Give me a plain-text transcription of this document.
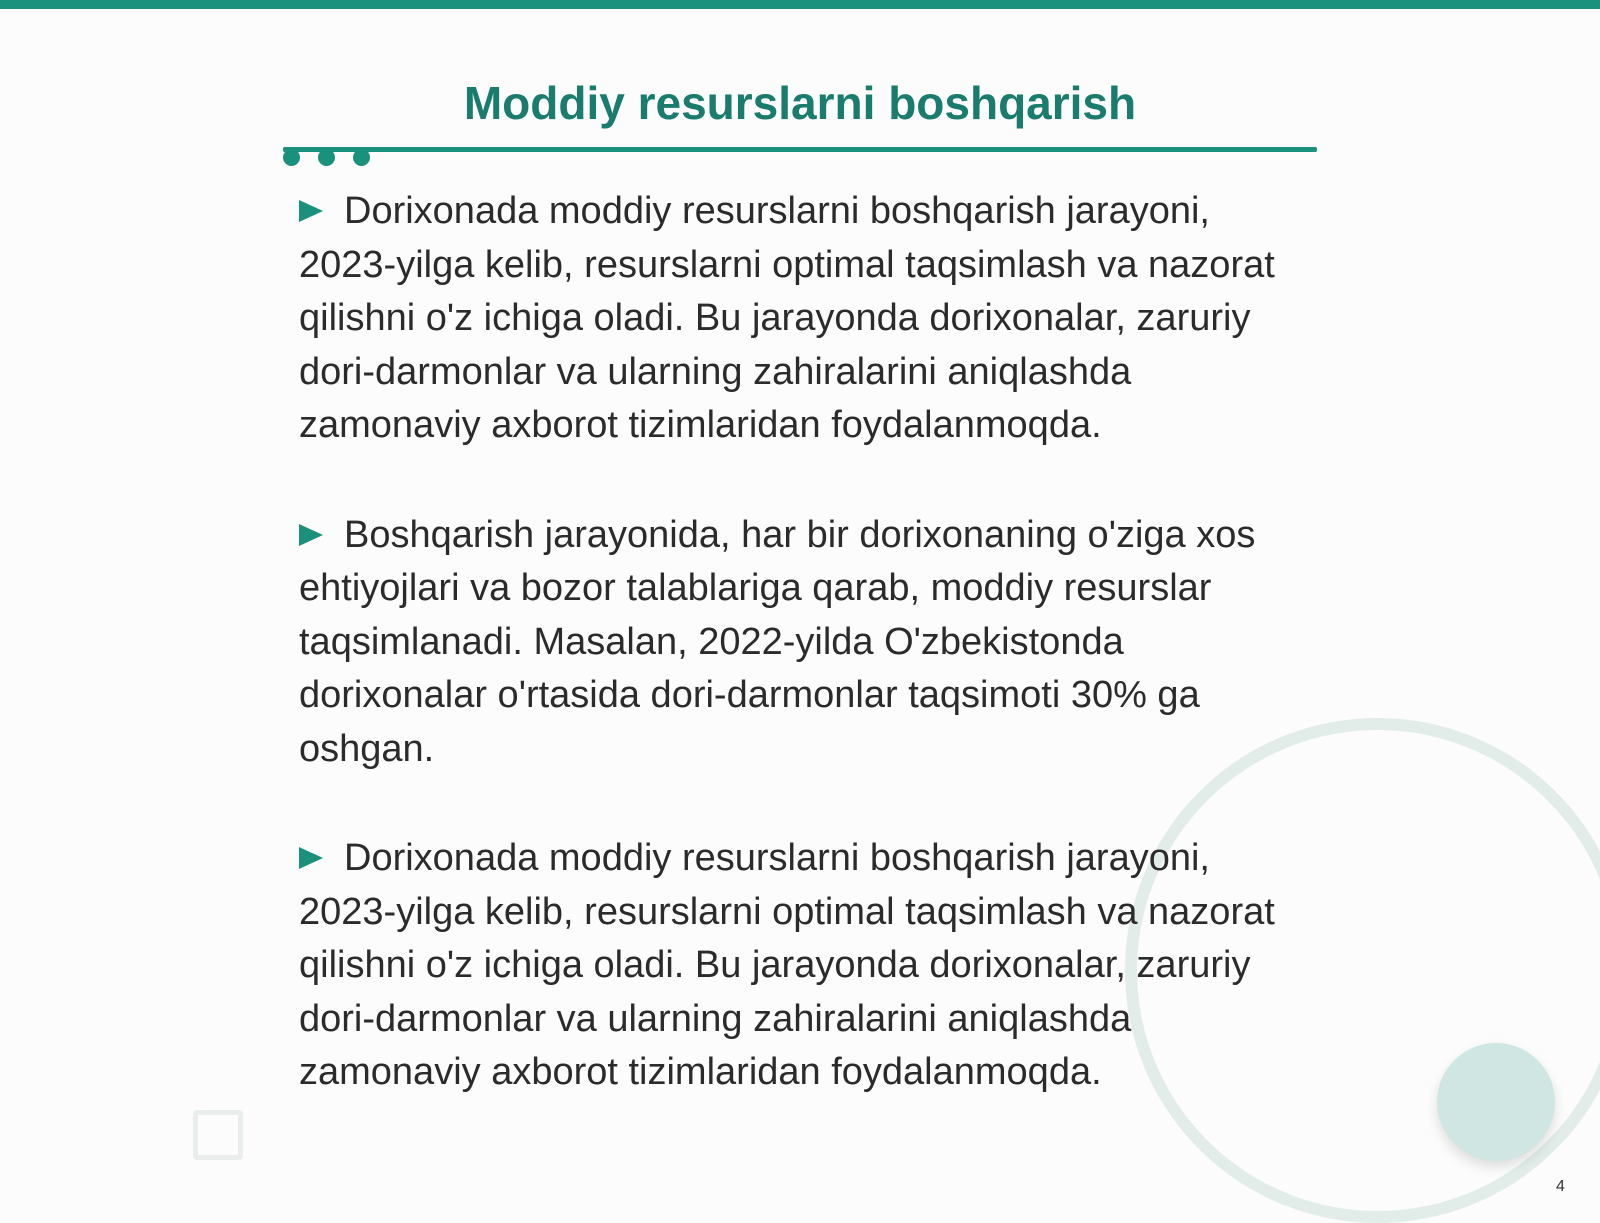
Moddiy resurslarni boshqarish

Dorixonada moddiy resurslarni boshqarish jarayoni, 2023-yilga kelib, resurslarni optimal taqsimlash va nazorat qilishni o'z ichiga oladi. Bu jarayonda dorixonalar, zaruriy dori-darmonlar va ularning zahiralarini aniqlashda zamonaviy axborot tizimlaridan foydalanmoqda.

Boshqarish jarayonida, har bir dorixonaning o'ziga xos ehtiyojlari va bozor talablariga qarab, moddiy resurslar taqsimlanadi. Masalan, 2022-yilda O'zbekistonda dorixonalar o'rtasida dori-darmonlar taqsimoti 30% ga oshgan.

Dorixonada moddiy resurslarni boshqarish jarayoni, 2023-yilga kelib, resurslarni optimal taqsimlash va nazorat qilishni o'z ichiga oladi. Bu jarayonda dorixonalar, zaruriy dori-darmonlar va ularning zahiralarini aniqlashda zamonaviy axborot tizimlaridan foydalanmoqda.

4
